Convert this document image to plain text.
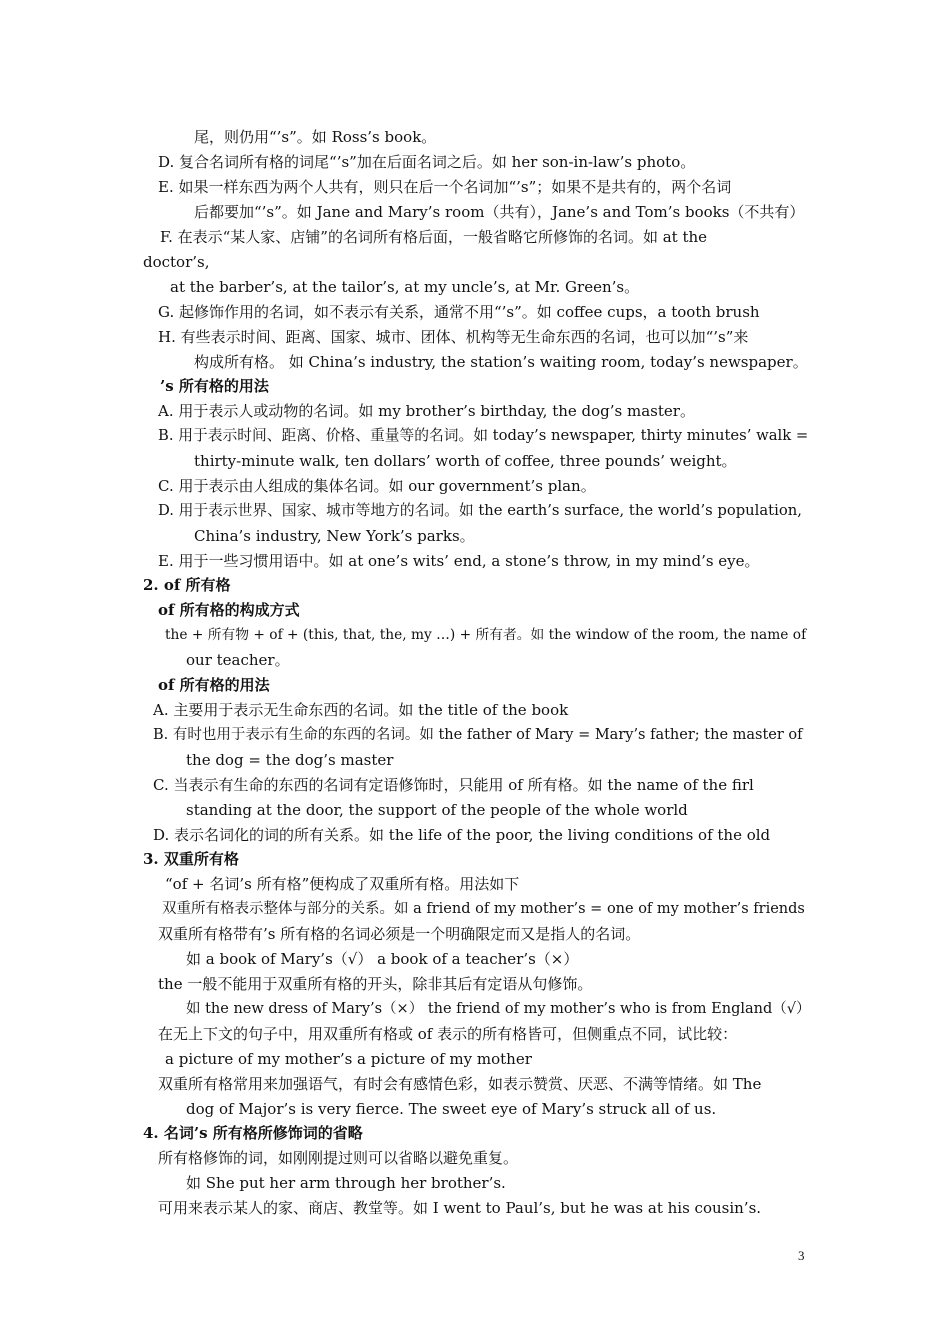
尾，则仍用“’s”。如 Ross’s book。
D. 复合名词所有格的词尾“’s”加在后面名词之后。如 her son-in-law’s photo。
E. 如果一样东西为两个人共有，则只在后一个名词加“’s”；如果不是共有的，两个名词
后都要加“’s”。如 Jane and Mary’s room（共有），Jane’s and Tom’s books（不共有）
F. 在表示“某人家、店铺”的名词所有格后面，一般省略它所修饰的名词。如 at the
doctor’s,
at the barber’s, at the tailor’s, at my uncle’s, at Mr. Green’s。
G. 起修饰作用的名词，如不表示有关系，通常不用“’s”。如 coffee cups，a tooth brush
H. 有些表示时间、距离、国家、城市、团体、机构等无生命东西的名词，也可以加“’s”来
构成所有格。 如 China’s industry, the station’s waiting room, today’s newspaper。
’s 所有格的用法
A. 用于表示人或动物的名词。如 my brother’s birthday, the dog’s master。
B. 用于表示时间、距离、价格、重量等的名词。如 today’s newspaper, thirty minutes’ walk =
thirty-minute walk, ten dollars’ worth of coffee, three pounds’ weight。
C. 用于表示由人组成的集体名词。如 our government’s plan。
D. 用于表示世界、国家、城市等地方的名词。如 the earth’s surface, the world’s population,
China’s industry, New York’s parks。
E. 用于一些习惯用语中。如 at one’s wits’ end, a stone’s throw, in my mind’s eye。
2. of 所有格
of 所有格的构成方式
the + 所有物 + of + (this, that, the, my …) + 所有者。如 the window of the room, the name of
our teacher。
of 所有格的用法
A. 主要用于表示无生命东西的名词。如 the title of the book
B. 有时也用于表示有生命的东西的名词。如 the father of Mary = Mary’s father; the master of
the dog = the dog’s master
C. 当表示有生命的东西的名词有定语修饰时，只能用 of 所有格。如 the name of the firl
standing at the door, the support of the people of the whole world
D. 表示名词化的词的所有关系。如 the life of the poor, the living conditions of the old
3. 双重所有格
“of + 名词’s 所有格”便构成了双重所有格。用法如下
双重所有格表示整体与部分的关系。如 a friend of my mother’s = one of my mother’s friends
双重所有格带有’s 所有格的名词必须是一个明确限定而又是指人的名词。
如 a book of Mary’s（√） a book of a teacher’s（×）
the 一般不能用于双重所有格的开头，除非其后有定语从句修饰。
如 the new dress of Mary’s（×） the friend of my mother’s who is from England（√）
在无上下文的句子中，用双重所有格或 of 表示的所有格皆可，但侧重点不同，试比较：
a picture of my mother’s a picture of my mother
双重所有格常用来加强语气，有时会有感情色彩，如表示赞赏、厌恶、不满等情绪。如 The
dog of Major’s is very fierce. The sweet eye of Mary’s struck all of us.
4. 名词’s 所有格所修饰词的省略
所有格修饰的词，如刚刚提过则可以省略以避免重复。
如 She put her arm through her brother’s.
可用来表示某人的家、商店、教堂等。如 I went to Paul’s, but he was at his cousin’s.
3
